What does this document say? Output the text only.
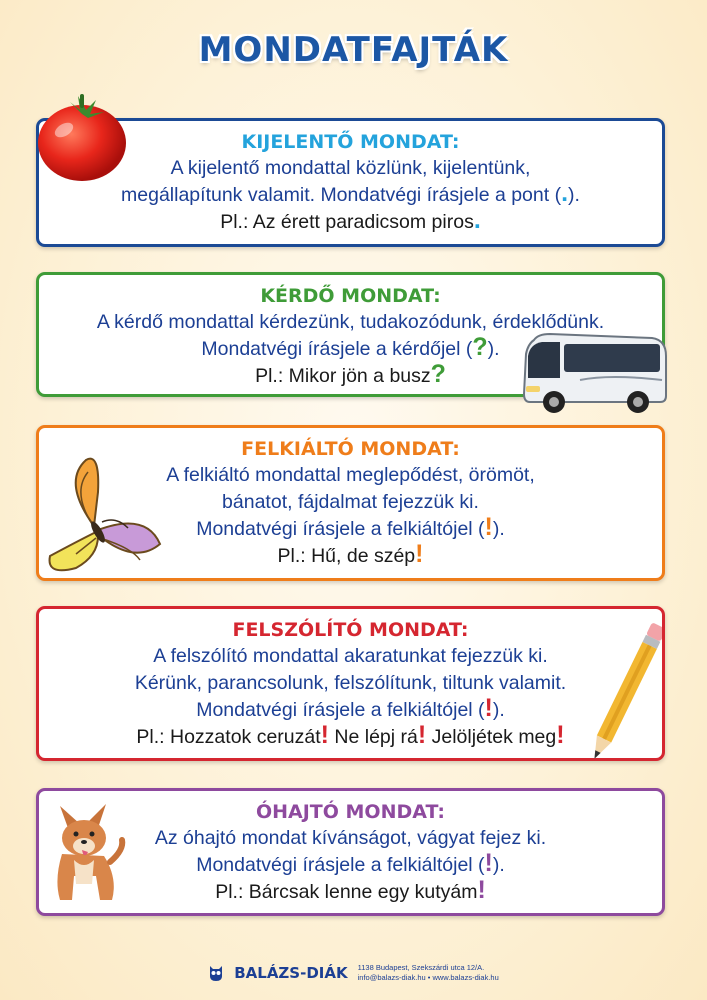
MONDATFAJTÁK
KIJELENTŐ MONDAT:
A kijelentő mondattal közlünk, kijelentünk,
megállapítunk valamit. Mondatvégi írásjele a pont (.).
Pl.: Az érett paradicsom piros.
KÉRDŐ MONDAT:
A kérdő mondattal kérdezünk, tudakozódunk, érdeklődünk.
Mondatvégi írásjele a kérdőjel (?).
Pl.: Mikor jön a busz?
FELKIÁLTÓ MONDAT:
A felkiáltó mondattal meglepődést, örömöt,
bánatot, fájdalmat fejezzük ki.
Mondatvégi írásjele a felkiáltójel (!).
Pl.: Hű, de szép!
FELSZÓLÍTÓ MONDAT:
A felszólító mondattal akaratunkat fejezzük ki.
Kérünk, parancsolunk, felszólítunk, tiltunk valamit.
Mondatvégi írásjele a felkiáltójel (!).
Pl.: Hozzatok ceruzát! Ne lépj rá! Jelöljétek meg!
ÓHAJTÓ MONDAT:
Az óhajtó mondat kívánságot, vágyat fejez ki.
Mondatvégi írásjele a felkiáltójel (!).
Pl.: Bárcsak lenne egy kutyám!
BALÁZS-DIÁK 1138 Budapest, Szekszárdi utca 12/A.
info@balazs-diak.hu • www.balazs-diak.hu
